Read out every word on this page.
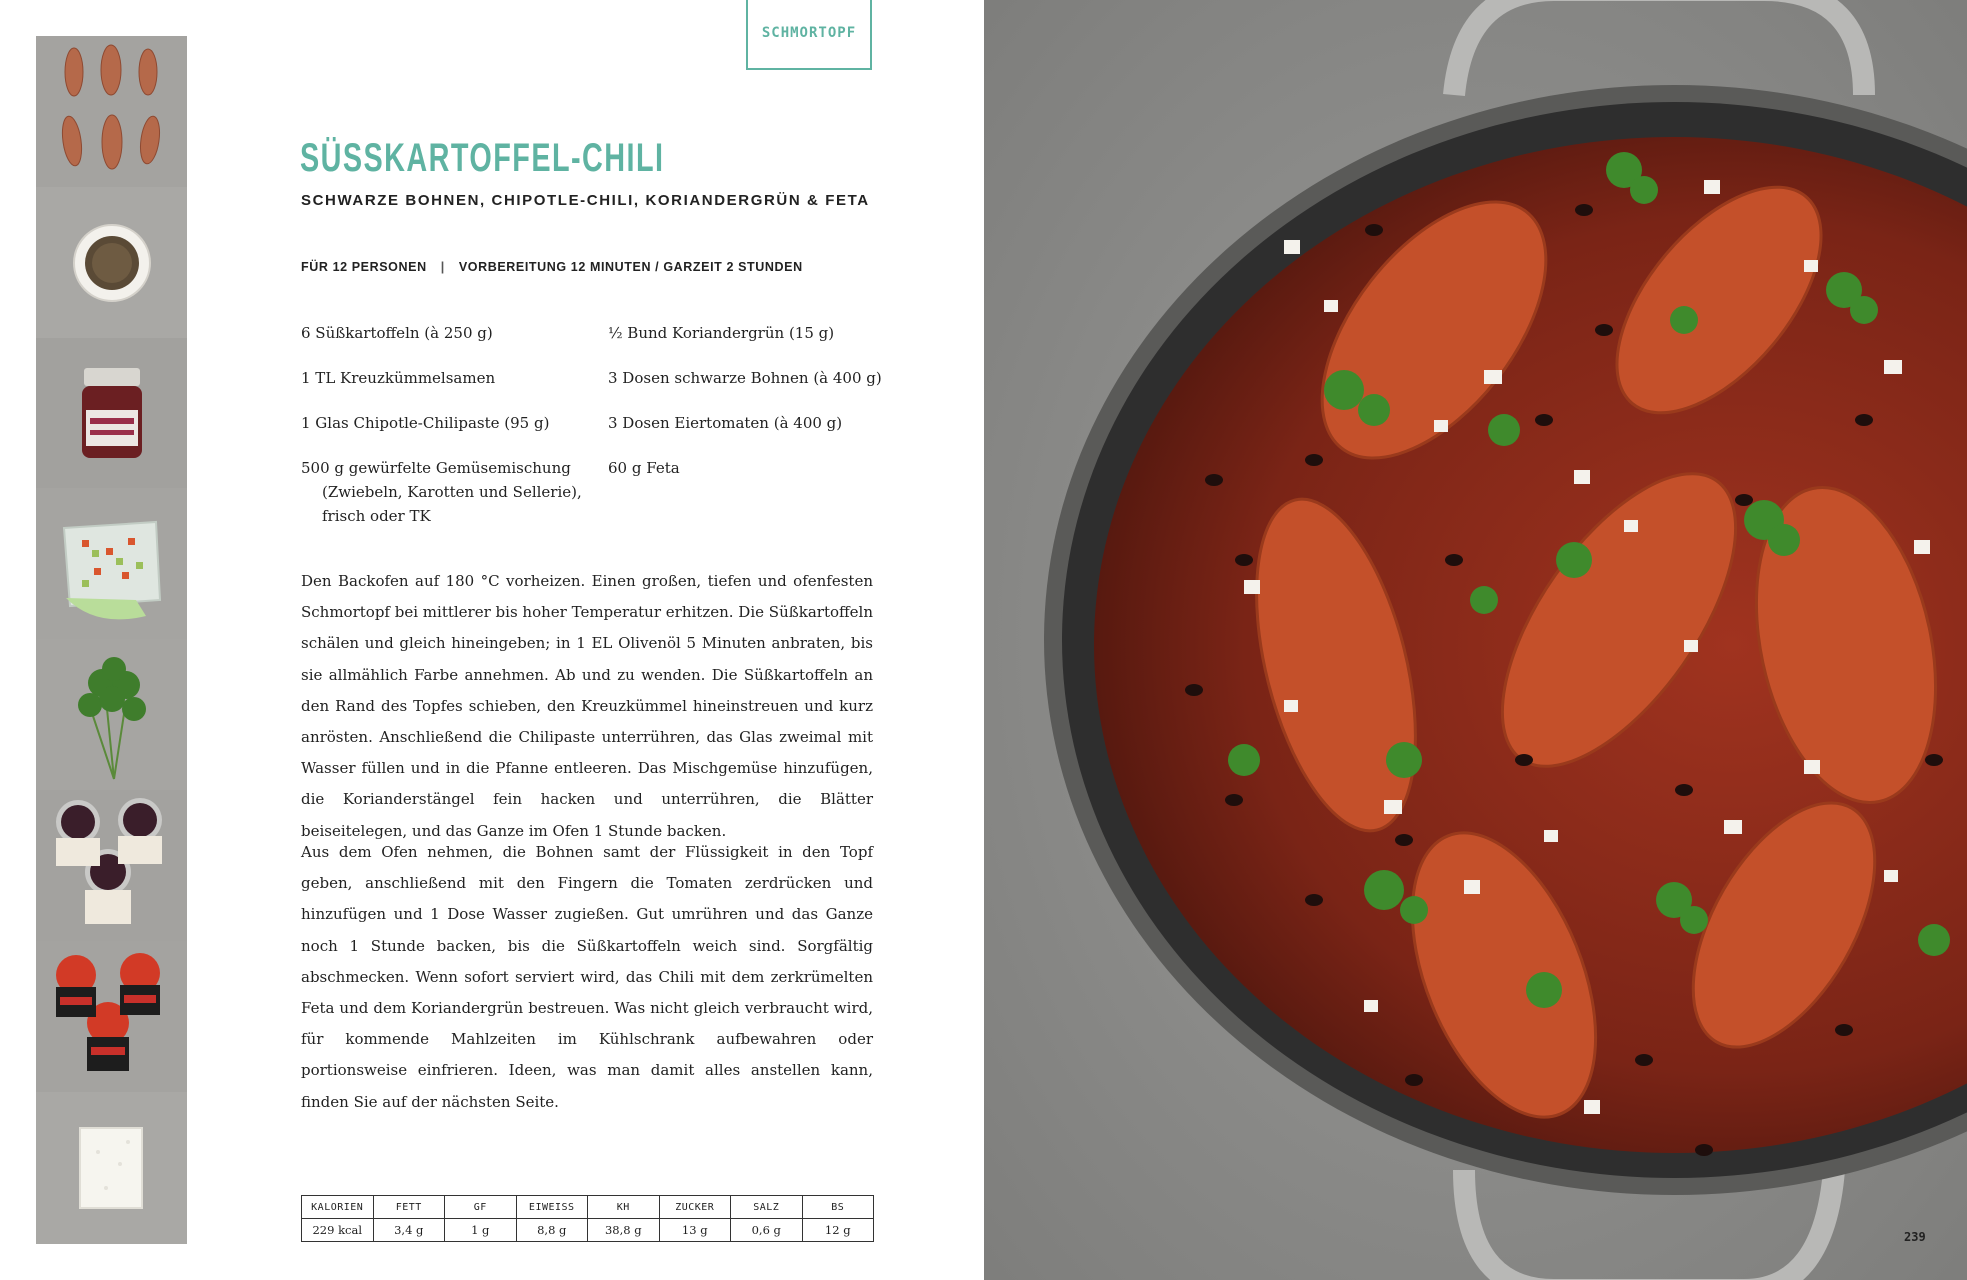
SCHMORTOPF
SÜSSKARTOFFEL-CHILI
SCHWARZE BOHNEN, CHIPOTLE-CHILI, KORIANDERGRÜN & FETA
FÜR 12 PERSONEN | VORBEREITUNG 12 MINUTEN / GARZEIT 2 STUNDEN
6 Süßkartoffeln (à 250 g)
1 TL Kreuzkümmelsamen
1 Glas Chipotle-Chilipaste (95 g)
500 g gewürfelte Gemüsemischung
(Zwiebeln, Karotten und Sellerie),
frisch oder TK
½ Bund Koriandergrün (15 g)
3 Dosen schwarze Bohnen (à 400 g)
3 Dosen Eiertomaten (à 400 g)
60 g Feta

Den Backofen auf 180 °C vorheizen. Einen großen, tiefen und ofenfesten Schmortopf bei mittlerer bis hoher Temperatur erhitzen. Die Süßkartoffeln schälen und gleich hineingeben; in 1 EL Olivenöl 5 Minuten anbraten, bis sie allmählich Farbe annehmen. Ab und zu wenden. Die Süßkartoffeln an den Rand des Topfes schieben, den Kreuzkümmel hineinstreuen und kurz anrösten. Anschließend die Chilipaste unterrühren, das Glas zweimal mit Wasser füllen und in die Pfanne entleeren. Das Mischgemüse hinzufügen, die Korianderstängel fein hacken und unterrühren, die Blätter beiseitelegen, und das Ganze im Ofen 1 Stunde backen.

Aus dem Ofen nehmen, die Bohnen samt der Flüssigkeit in den Topf geben, anschließend mit den Fingern die Tomaten zerdrücken und hinzufügen und 1 Dose Wasser zugießen. Gut umrühren und das Ganze noch 1 Stunde backen, bis die Süßkartoffeln weich sind. Sorgfältig abschmecken. Wenn sofort serviert wird, das Chili mit dem zerkrümelten Feta und dem Koriandergrün bestreuen. Was nicht gleich verbraucht wird, für kommende Mahlzeiten im Kühlschrank aufbewahren oder portionsweise einfrieren. Ideen, was man damit alles anstellen kann, finden Sie auf der nächsten Seite.

KALORIEN	FETT	GF	EIWEISS	KH	ZUCKER	SALZ	BS
229 kcal	3,4 g	1 g	8,8 g	38,8 g	13 g	0,6 g	12 g	239
